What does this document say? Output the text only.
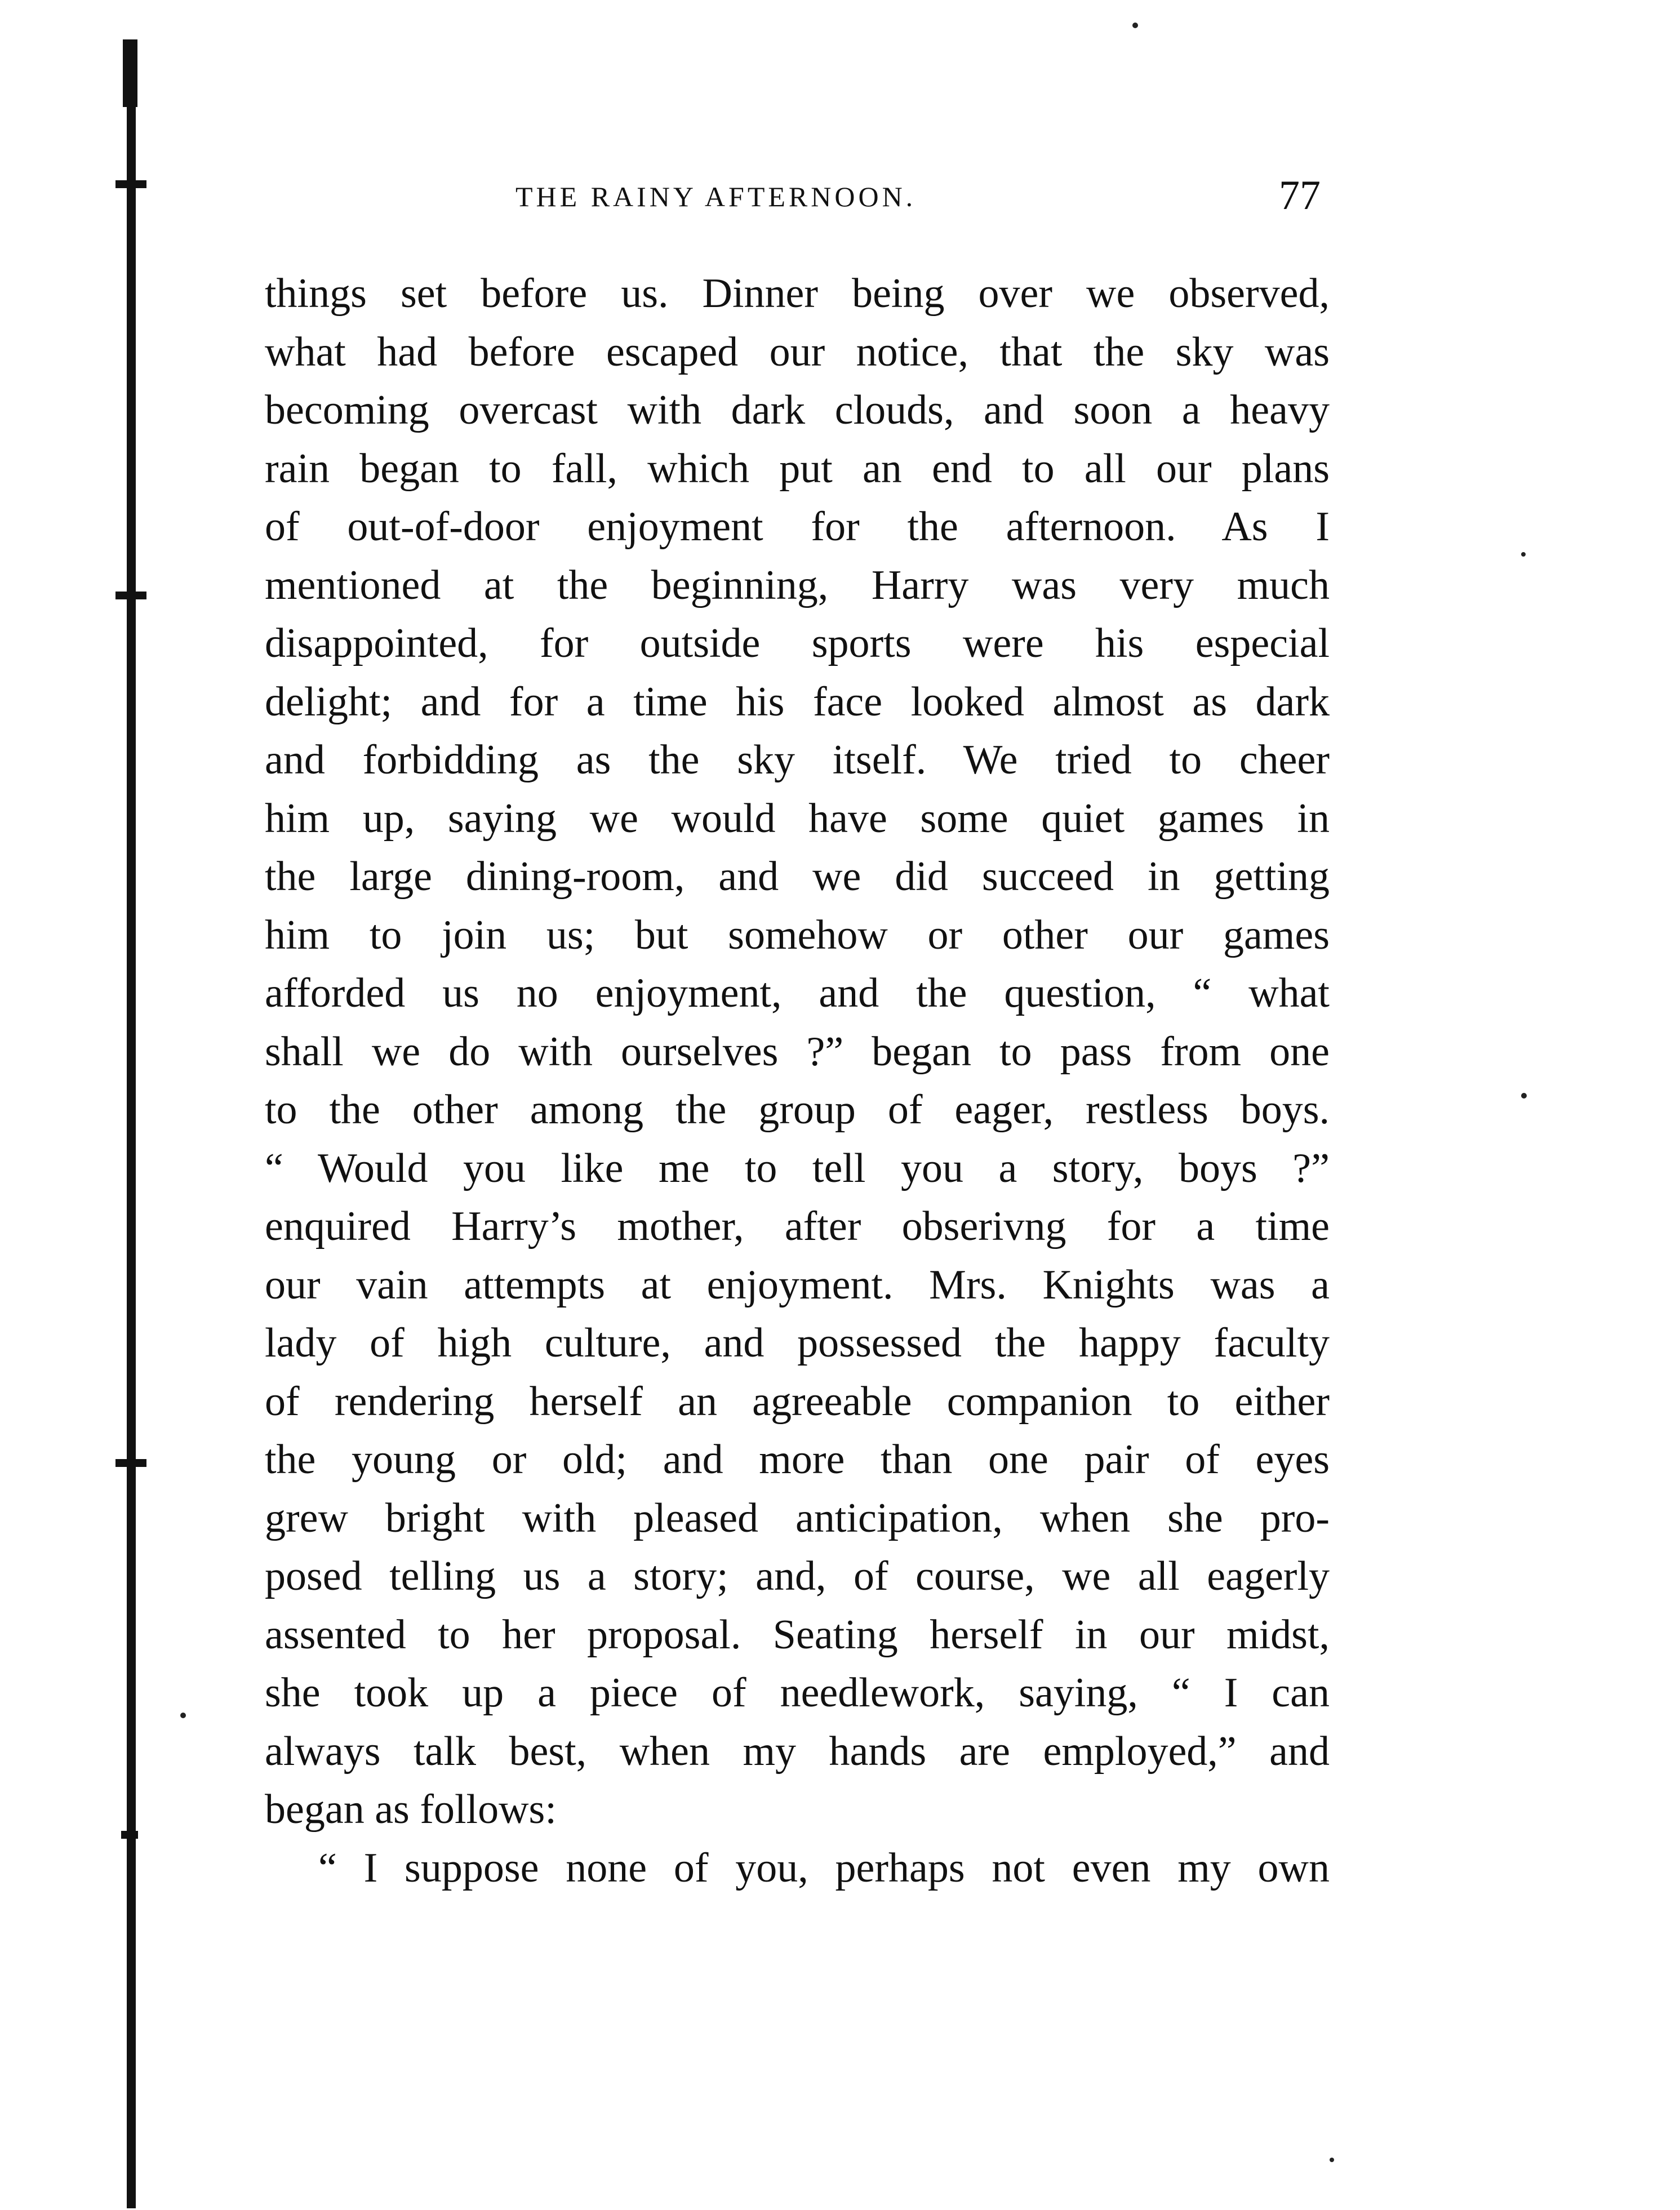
THE RAINY AFTERNOON.	77
things set before us. Dinner being over we observed,
what had before escaped our notice, that the sky was
becoming overcast with dark clouds, and soon a heavy
rain began to fall, which put an end to all our plans
of out-of-door enjoyment for the afternoon. As I
mentioned at the beginning, Harry was very much
disappointed, for outside sports were his especial
delight; and for a time his face looked almost as dark
and forbidding as the sky itself. We tried to cheer
him up, saying we would have some quiet games in
the large dining-room, and we did succeed in getting
him to join us; but somehow or other our games
afforded us no enjoyment, and the question, “ what
shall we do with ourselves ?” began to pass from one
to the other among the group of eager, restless boys.
“ Would you like me to tell you a story, boys ?”
enquired Harry’s mother, after obserivng for a time
our vain attempts at enjoyment. Mrs. Knights was a
lady of high culture, and possessed the happy faculty
of rendering herself an agreeable companion to either
the young or old; and more than one pair of eyes
grew bright with pleased anticipation, when she pro-
posed telling us a story; and, of course, we all eagerly
assented to her proposal. Seating herself in our midst,
she took up a piece of needlework, saying, “ I can
always talk best, when my hands are employed,” and
began as follows:
“ I suppose none of you, perhaps not even my own
